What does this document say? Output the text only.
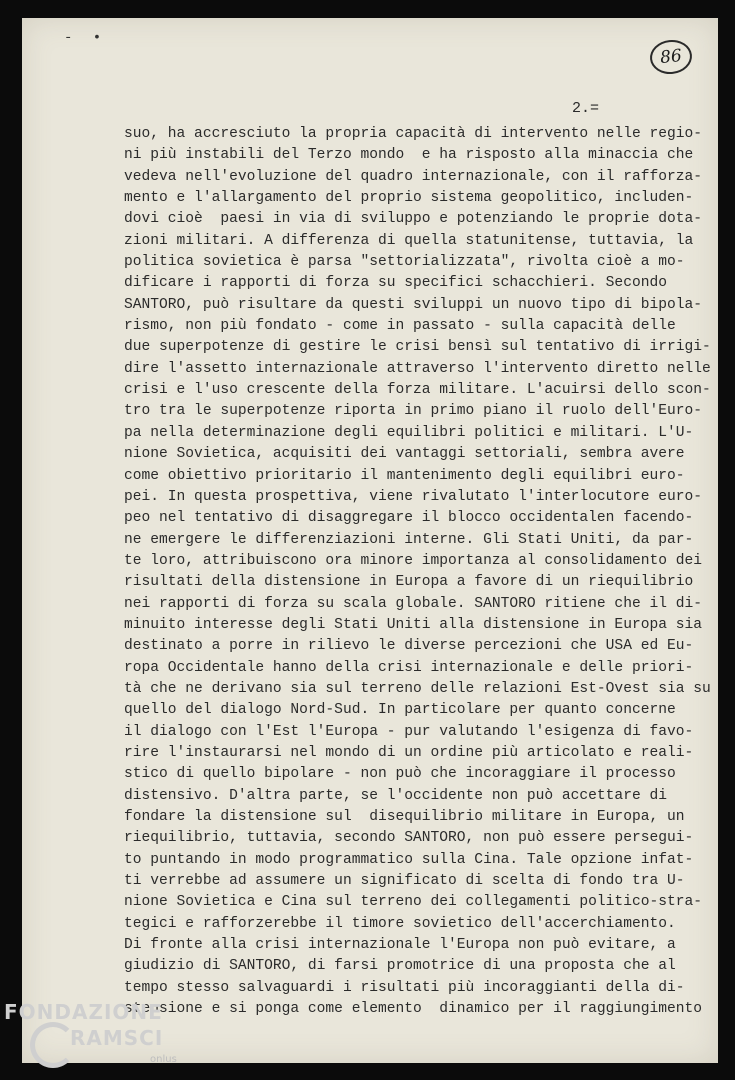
- •
86
2.=
suo, ha accresciuto la propria capacità di intervento nelle regio-
ni più instabili del Terzo mondo  e ha risposto alla minaccia che
vedeva nell'evoluzione del quadro internazionale, con il rafforza-
mento e l'allargamento del proprio sistema geopolitico, includen-
dovi cioè  paesi in via di sviluppo e potenziando le proprie dota-
zioni militari. A differenza di quella statunitense, tuttavia, la
politica sovietica è parsa "settorializzata", rivolta cioè a mo-
dificare i rapporti di forza su specifici schacchieri. Secondo
SANTORO, può risultare da questi sviluppi un nuovo tipo di bipola-
rismo, non più fondato - come in passato - sulla capacità delle
due superpotenze di gestire le crisi bensì sul tentativo di irrigi-
dire l'assetto internazionale attraverso l'intervento diretto nelle
crisi e l'uso crescente della forza militare. L'acuirsi dello scon-
tro tra le superpotenze riporta in primo piano il ruolo dell'Euro-
pa nella determinazione degli equilibri politici e militari. L'U-
nione Sovietica, acquisiti dei vantaggi settoriali, sembra avere
come obiettivo prioritario il mantenimento degli equilibri euro-
pei. In questa prospettiva, viene rivalutato l'interlocutore euro-
peo nel tentativo di disaggregare il blocco occidentalen facendo-
ne emergere le differenziazioni interne. Gli Stati Uniti, da par-
te loro, attribuiscono ora minore importanza al consolidamento dei
risultati della distensione in Europa a favore di un riequilibrio
nei rapporti di forza su scala globale. SANTORO ritiene che il di-
minuito interesse degli Stati Uniti alla distensione in Europa sia
destinato a porre in rilievo le diverse percezioni che USA ed Eu-
ropa Occidentale hanno della crisi internazionale e delle priori-
tà che ne derivano sia sul terreno delle relazioni Est-Ovest sia su
quello del dialogo Nord-Sud. In particolare per quanto concerne
il dialogo con l'Est l'Europa - pur valutando l'esigenza di favo-
rire l'instaurarsi nel mondo di un ordine più articolato e reali-
stico di quello bipolare - non può che incoraggiare il processo
distensivo. D'altra parte, se l'occidente non può accettare di
fondare la distensione sul  disequilibrio militare in Europa, un
riequilibrio, tuttavia, secondo SANTORO, non può essere persegui-
to puntando in modo programmatico sulla Cina. Tale opzione infat-
ti verrebbe ad assumere un significato di scelta di fondo tra U-
nione Sovietica e Cina sul terreno dei collegamenti politico-stra-
tegici e rafforzerebbe il timore sovietico dell'accerchiamento.
Di fronte alla crisi internazionale l'Europa non può evitare, a
giudizio di SANTORO, di farsi promotrice di una proposta che al
tempo stesso salvaguardi i risultati più incoraggianti della di-
stensione e si ponga come elemento  dinamico per il raggiungimento
FONDAZIONE
RAMSCI
onlus
